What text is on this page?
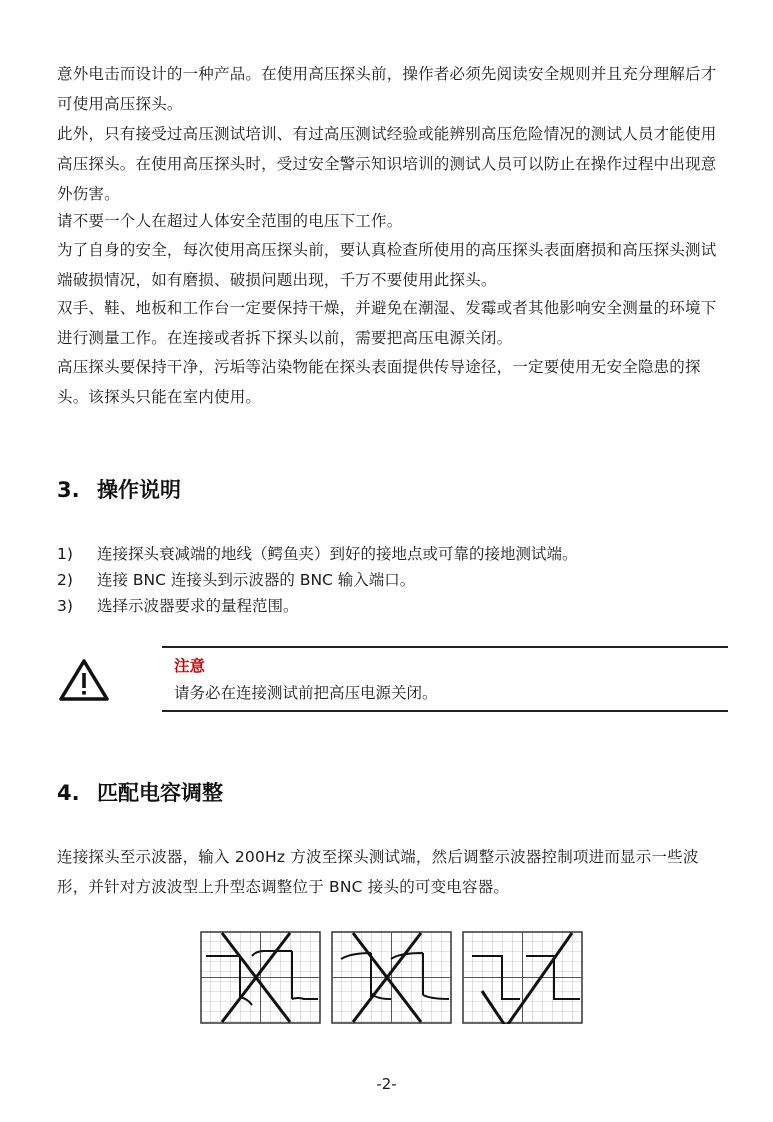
意外电击而设计的一种产品。在使用高压探头前，操作者必须先阅读安全规则并且充分理解后才可使用高压探头。

此外，只有接受过高压测试培训、有过高压测试经验或能辨别高压危险情况的测试人员才能使用高压探头。在使用高压探头时，受过安全警示知识培训的测试人员可以防止在操作过程中出现意外伤害。

请不要一个人在超过人体安全范围的电压下工作。

为了自身的安全，每次使用高压探头前，要认真检查所使用的高压探头表面磨损和高压探头测试端破损情况，如有磨损、破损问题出现，千万不要使用此探头。

双手、鞋、地板和工作台一定要保持干燥，并避免在潮湿、发霉或者其他影响安全测量的环境下进行测量工作。在连接或者拆下探头以前，需要把高压电源关闭。

高压探头要保持干净，污垢等沾染物能在探头表面提供传导途径，一定要使用无安全隐患的探头。该探头只能在室内使用。

3. 操作说明
1) 连接探头衰减端的地线（鳄鱼夹）到好的接地点或可靠的接地测试端。
2) 连接 BNC 连接头到示波器的 BNC 输入端口。
3) 选择示波器要求的量程范围。
注意
请务必在连接测试前把高压电源关闭。
4. 匹配电容调整

连接探头至示波器，输入 200Hz 方波至探头测试端，然后调整示波器控制项进而显示一些波形，并针对方波波型上升型态调整位于 BNC 接头的可变电容器。

-2-
